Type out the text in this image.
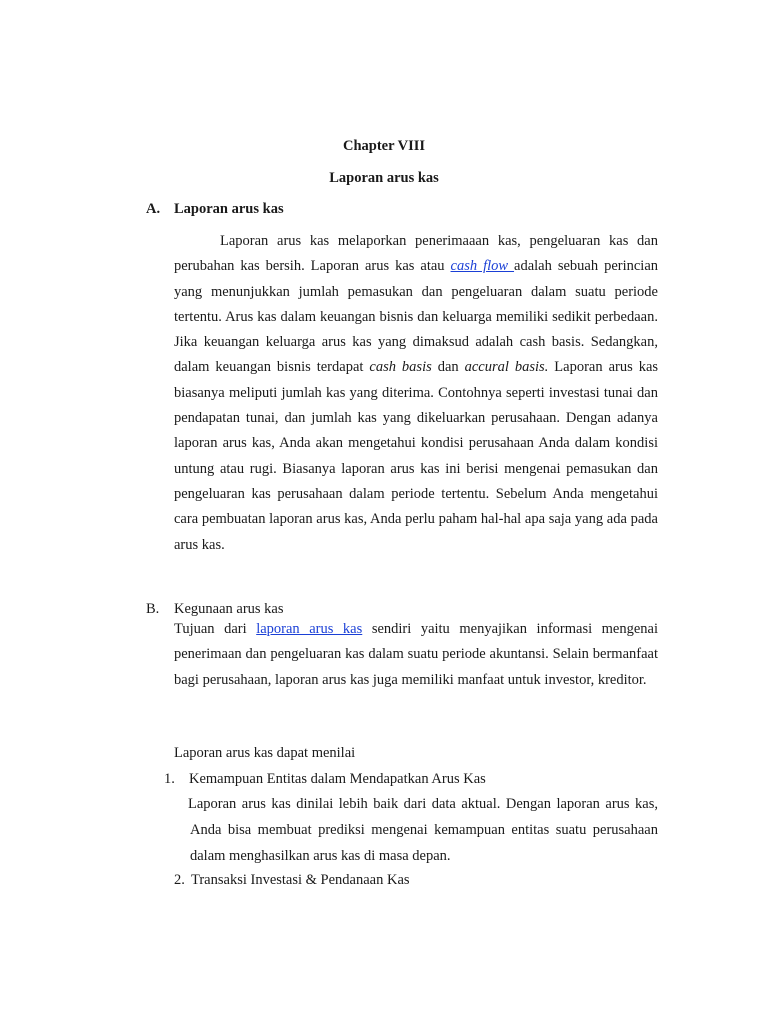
Chapter VIII
Laporan arus kas
A. Laporan arus kas

Laporan arus kas melaporkan penerimaaan kas, pengeluaran kas dan perubahan kas bersih. Laporan arus kas atau cash flow adalah sebuah perincian yang menunjukkan jumlah pemasukan dan pengeluaran dalam suatu periode tertentu. Arus kas dalam keuangan bisnis dan keluarga memiliki sedikit perbedaan. Jika keuangan keluarga arus kas yang dimaksud adalah cash basis. Sedangkan, dalam keuangan bisnis terdapat cash basis dan accural basis. Laporan arus kas biasanya meliputi jumlah kas yang diterima. Contohnya seperti investasi tunai dan pendapatan tunai, dan jumlah kas yang dikeluarkan perusahaan. Dengan adanya laporan arus kas, Anda akan mengetahui kondisi perusahaan Anda dalam kondisi untung atau rugi. Biasanya laporan arus kas ini berisi mengenai pemasukan dan pengeluaran kas perusahaan dalam periode tertentu. Sebelum Anda mengetahui cara pembuatan laporan arus kas, Anda perlu paham hal-hal apa saja yang ada pada arus kas.

B. Kegunaan arus kas

Tujuan dari laporan arus kas sendiri yaitu menyajikan informasi mengenai penerimaan dan pengeluaran kas dalam suatu periode akuntansi. Selain bermanfaat bagi perusahaan, laporan arus kas juga memiliki manfaat untuk investor, kreditor.

Laporan arus kas dapat menilai
1. Kemampuan Entitas dalam Mendapatkan Arus Kas

Laporan arus kas dinilai lebih baik dari data aktual. Dengan laporan arus kas, Anda bisa membuat prediksi mengenai kemampuan entitas suatu perusahaan dalam menghasilkan arus kas di masa depan.

2. Transaksi Investasi & Pendanaan Kas
